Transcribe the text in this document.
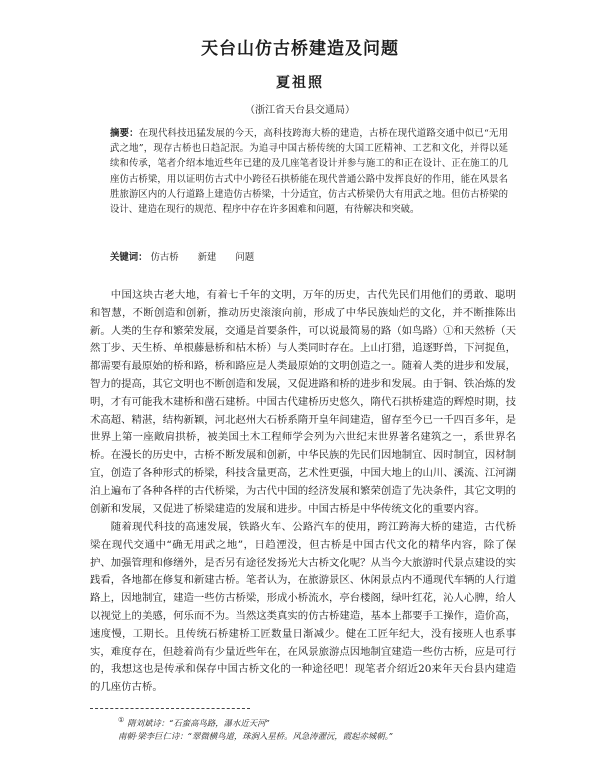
天台山仿古桥建造及问题
夏祖照
（浙江省天台县交通局）
摘要：在现代科技迅猛发展的今天，高科技跨海大桥的建造，古桥在现代道路交通中似已“无用武之地”，现存古桥也日趋記泯。为追寻中国古桥传统的大国工匠精神、工艺和文化，并得以延续和传承，笔者介绍本地近些年已建的及几座笔者设计并参与施工的和正在设计、正在施工的几座仿古桥梁，用以证明仿古式中小跨径石拱桥能在现代普通公路中发挥良好的作用，能在风景名胜旅游区内的人行道路上建造仿古桥梁，十分适宜，仿古式桥梁仍大有用武之地。但仿古桥梁的设计、建造在现行的规范、程序中存在许多困难和问题，有待解决和突破。
关键词： 仿古桥 新建 问题

中国这块古老大地，有着七千年的文明，万年的历史，古代先民们用他们的勇敢、聪明和智慧，不断创造和创新，推动历史滚滚向前，形成了中华民族灿烂的文化，并不断推陈出新。人类的生存和繁荣发展，交通是首要条件，可以说最简易的路（如鸟路）①和天然桥（天然丁步、天生桥、单根藤悬桥和枯木桥）与人类同时存在。上山打猎，追逐野兽，下河捉鱼，都需要有最原始的桥和路，桥和路应是人类最原始的文明创造之一。随着人类的进步和发展，智力的提高，其它文明也不断创造和发展，又促进路和桥的进步和发展。由于铜、铁冶炼的发明，才有可能我木建桥和凿石建桥。中国古代建桥历史悠久，隋代石拱桥建造的辉煌时期，技术高超、精湛，结构新颖，河北赵州大石桥系隋开皇年间建造，留存至今已一千四百多年，是世界上第一座敞肩拱桥，被美国土木工程师学会列为六世纪末世界著名建筑之一，系世界名桥。在漫长的历史中，古桥不断发展和创新，中华民族的先民们因地制宜、因时制宜，因材制宜，创造了各种形式的桥梁，科技含量更高，艺术性更强，中国大地上的山川、溪流、江河湖泊上遍布了各种各样的古代桥梁，为古代中国的经济发展和繁荣创造了先决条件，其它文明的创新和发展，又促进了桥梁建造的发展和进步。中国古桥是中华传统文化的重要内容。

随着现代科技的高速发展，铁路火车、公路汽车的使用，跨江跨海大桥的建造，古代桥梁在现代交通中“确无用武之地”，日趋湮没，但古桥是中国古代文化的精华内容，除了保护、加强管理和修缮外，是否另有途径发扬光大古桥文化呢？从当今大旅游时代景点建设的实践看，各地都在修复和新建古桥。笔者认为，在旅游景区、休闲景点内不通现代车辆的人行道路上，因地制宜，建造一些仿古桥梁，形成小桥流水，亭台楼阁，绿叶红花，沁人心脾，给人以视觉上的美感，何乐而不为。当然这类真实的仿古桥建造，基本上都要手工操作，造价高，速度慢，工期长。且传统石桥建桥工匠数量日渐减少。健在工匠年纪大，没有接班人也系事实，难度存在，但趁着尚有少量近些年在，在风景旅游点因地制宜建造一些仿古桥，应是可行的，我想这也是传承和保存中国古桥文化的一种途径吧！现笔者介绍近20来年天台县内建造的几座仿古桥。

① 隋刘斌诗：“石蛮高鸟路，瀑水近天河”
南朝·梁李巨仁诗：“翠微横鸟道，珠涧入星桥。风急涛濯沅，霞起赤城朝。”
